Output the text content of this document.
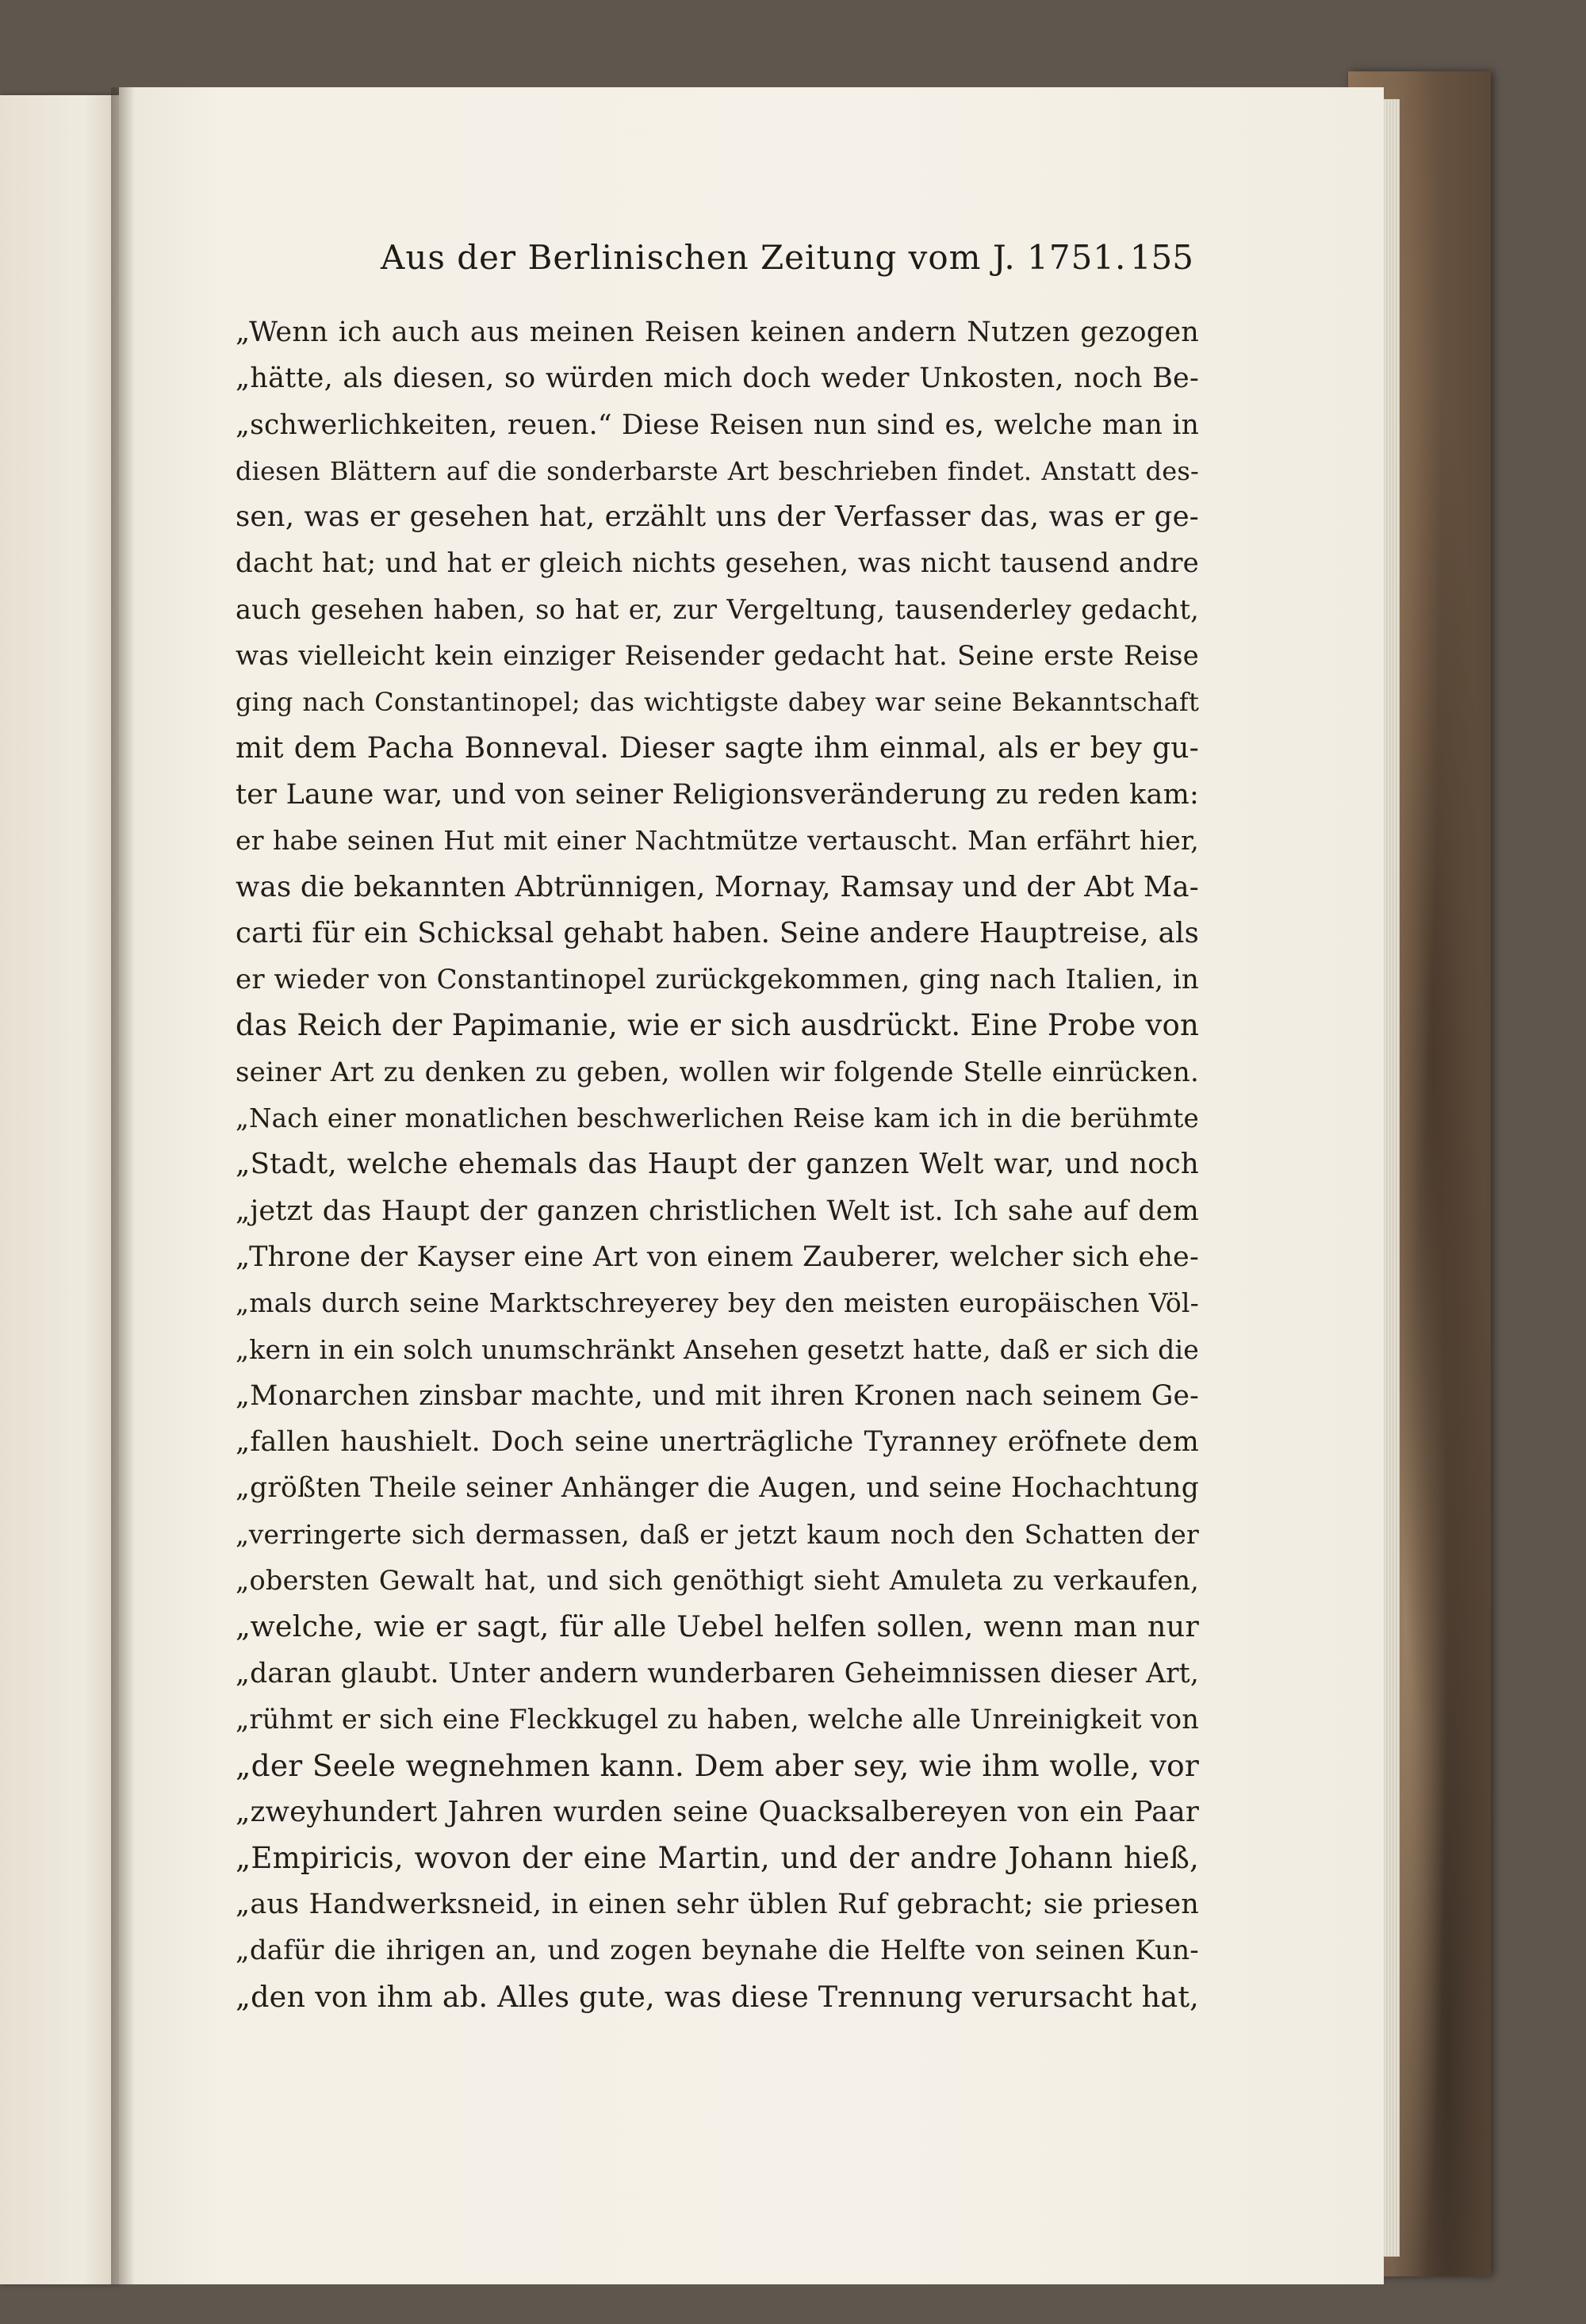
Aus der Berlinischen Zeitung vom J. 1751. 155
„Wenn ich auch aus meinen Reisen keinen andern Nutzen gezogen
„hätte, als diesen, so würden mich doch weder Unkosten, noch Be-
„schwerlichkeiten, reuen.“ Diese Reisen nun sind es, welche man in
diesen Blättern auf die sonderbarste Art beschrieben findet. Anstatt des-
sen, was er gesehen hat, erzählt uns der Verfasser das, was er ge-
dacht hat; und hat er gleich nichts gesehen, was nicht tausend andre
auch gesehen haben, so hat er, zur Vergeltung, tausenderley gedacht,
was vielleicht kein einziger Reisender gedacht hat. Seine erste Reise
ging nach Constantinopel; das wichtigste dabey war seine Bekanntschaft
mit dem Pacha Bonneval. Dieser sagte ihm einmal, als er bey gu-
ter Laune war, und von seiner Religionsveränderung zu reden kam:
er habe seinen Hut mit einer Nachtmütze vertauscht. Man erfährt hier,
was die bekannten Abtrünnigen, Mornay, Ramsay und der Abt Ma-
carti für ein Schicksal gehabt haben. Seine andere Hauptreise, als
er wieder von Constantinopel zurückgekommen, ging nach Italien, in
das Reich der Papimanie, wie er sich ausdrückt. Eine Probe von
seiner Art zu denken zu geben, wollen wir folgende Stelle einrücken.
„Nach einer monatlichen beschwerlichen Reise kam ich in die berühmte
„Stadt, welche ehemals das Haupt der ganzen Welt war, und noch
„jetzt das Haupt der ganzen christlichen Welt ist. Ich sahe auf dem
„Throne der Kayser eine Art von einem Zauberer, welcher sich ehe-
„mals durch seine Marktschreyerey bey den meisten europäischen Völ-
„kern in ein solch unumschränkt Ansehen gesetzt hatte, daß er sich die
„Monarchen zinsbar machte, und mit ihren Kronen nach seinem Ge-
„fallen haushielt. Doch seine unerträgliche Tyranney eröfnete dem
„größten Theile seiner Anhänger die Augen, und seine Hochachtung
„verringerte sich dermassen, daß er jetzt kaum noch den Schatten der
„obersten Gewalt hat, und sich genöthigt sieht Amuleta zu verkaufen,
„welche, wie er sagt, für alle Uebel helfen sollen, wenn man nur
„daran glaubt. Unter andern wunderbaren Geheimnissen dieser Art,
„rühmt er sich eine Fleckkugel zu haben, welche alle Unreinigkeit von
„der Seele wegnehmen kann. Dem aber sey, wie ihm wolle, vor
„zweyhundert Jahren wurden seine Quacksalbereyen von ein Paar
„Empiricis, wovon der eine Martin, und der andre Johann hieß,
„aus Handwerksneid, in einen sehr üblen Ruf gebracht; sie priesen
„dafür die ihrigen an, und zogen beynahe die Helfte von seinen Kun-
„den von ihm ab. Alles gute, was diese Trennung verursacht hat,
